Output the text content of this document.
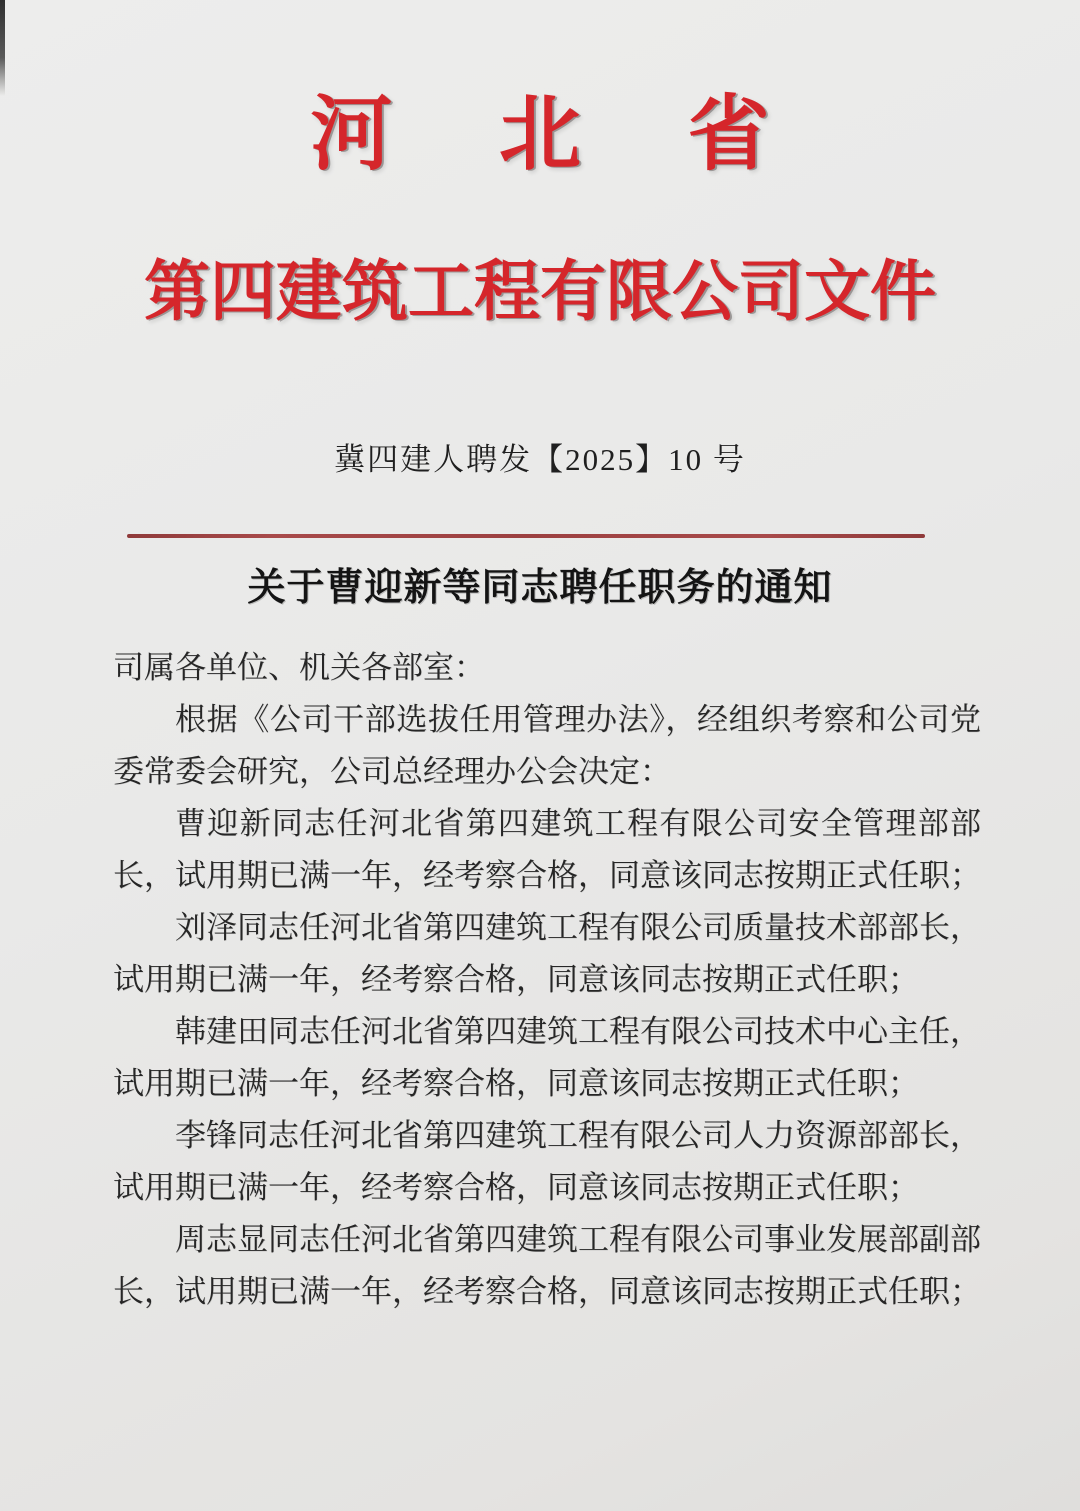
河北省
第四建筑工程有限公司文件
冀四建人聘发【2025】10 号
关于曹迎新等同志聘任职务的通知

司属各单位、机关各部室：

根据《公司干部选拔任用管理办法》，经组织考察和公司党委常委会研究，公司总经理办公会决定：

曹迎新同志任河北省第四建筑工程有限公司安全管理部部长，试用期已满一年，经考察合格，同意该同志按期正式任职；

刘泽同志任河北省第四建筑工程有限公司质量技术部部长，试用期已满一年，经考察合格，同意该同志按期正式任职；

韩建田同志任河北省第四建筑工程有限公司技术中心主任，试用期已满一年，经考察合格，同意该同志按期正式任职；

李锋同志任河北省第四建筑工程有限公司人力资源部部长，试用期已满一年，经考察合格，同意该同志按期正式任职；

周志显同志任河北省第四建筑工程有限公司事业发展部副部长，试用期已满一年，经考察合格，同意该同志按期正式任职；
